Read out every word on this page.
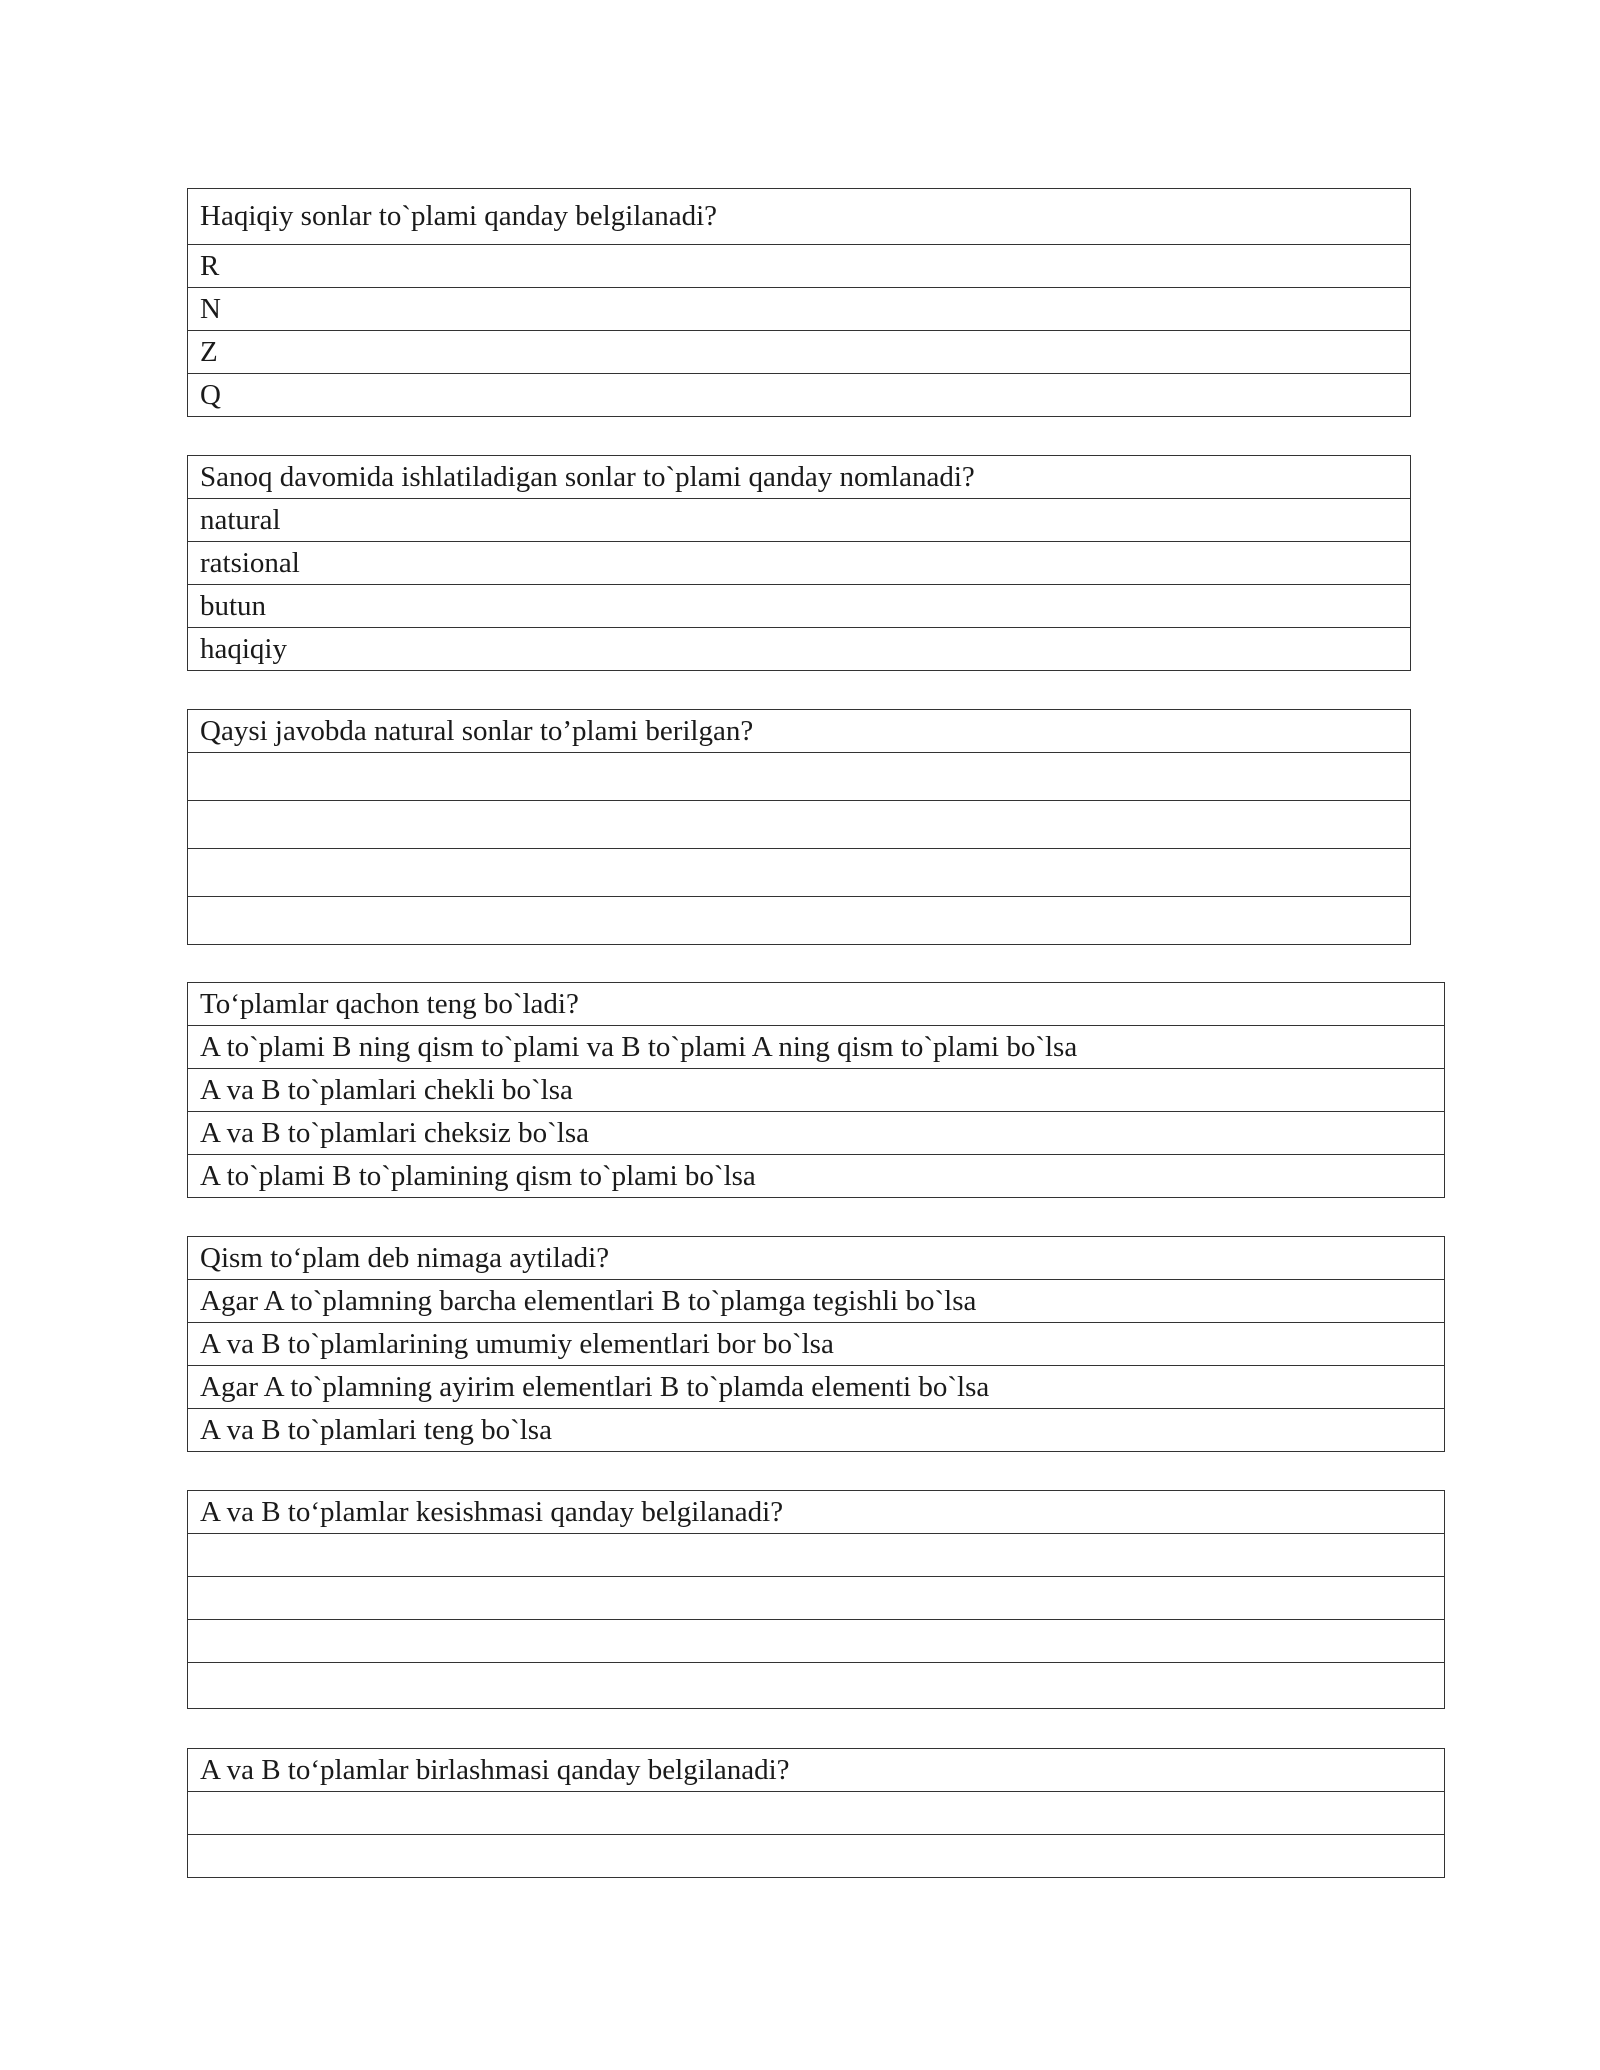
Haqiqiy sonlar to`plami qanday belgilanadi?
R
N
Z
Q
Sanoq davomida ishlatiladigan sonlar to`plami qanday nomlanadi?
natural
ratsional
butun
haqiqiy
Qaysi javobda natural sonlar to’plami berilgan?

To‘plamlar qachon teng bo`ladi?
A to`plami B ning qism to`plami va B to`plami A ning qism to`plami bo`lsa
A va B to`plamlari chekli bo`lsa
A va B to`plamlari cheksiz bo`lsa
A to`plami B to`plamining qism to`plami bo`lsa
Qism to‘plam deb nimaga aytiladi?
Agar A to`plamning barcha elementlari B to`plamga tegishli bo`lsa
A va B to`plamlarining umumiy elementlari bor bo`lsa
Agar A to`plamning ayirim elementlari B to`plamda elementi bo`lsa
A va B to`plamlari teng bo`lsa
A va B to‘plamlar kesishmasi qanday belgilanadi?

A va B to‘plamlar birlashmasi qanday belgilanadi?
